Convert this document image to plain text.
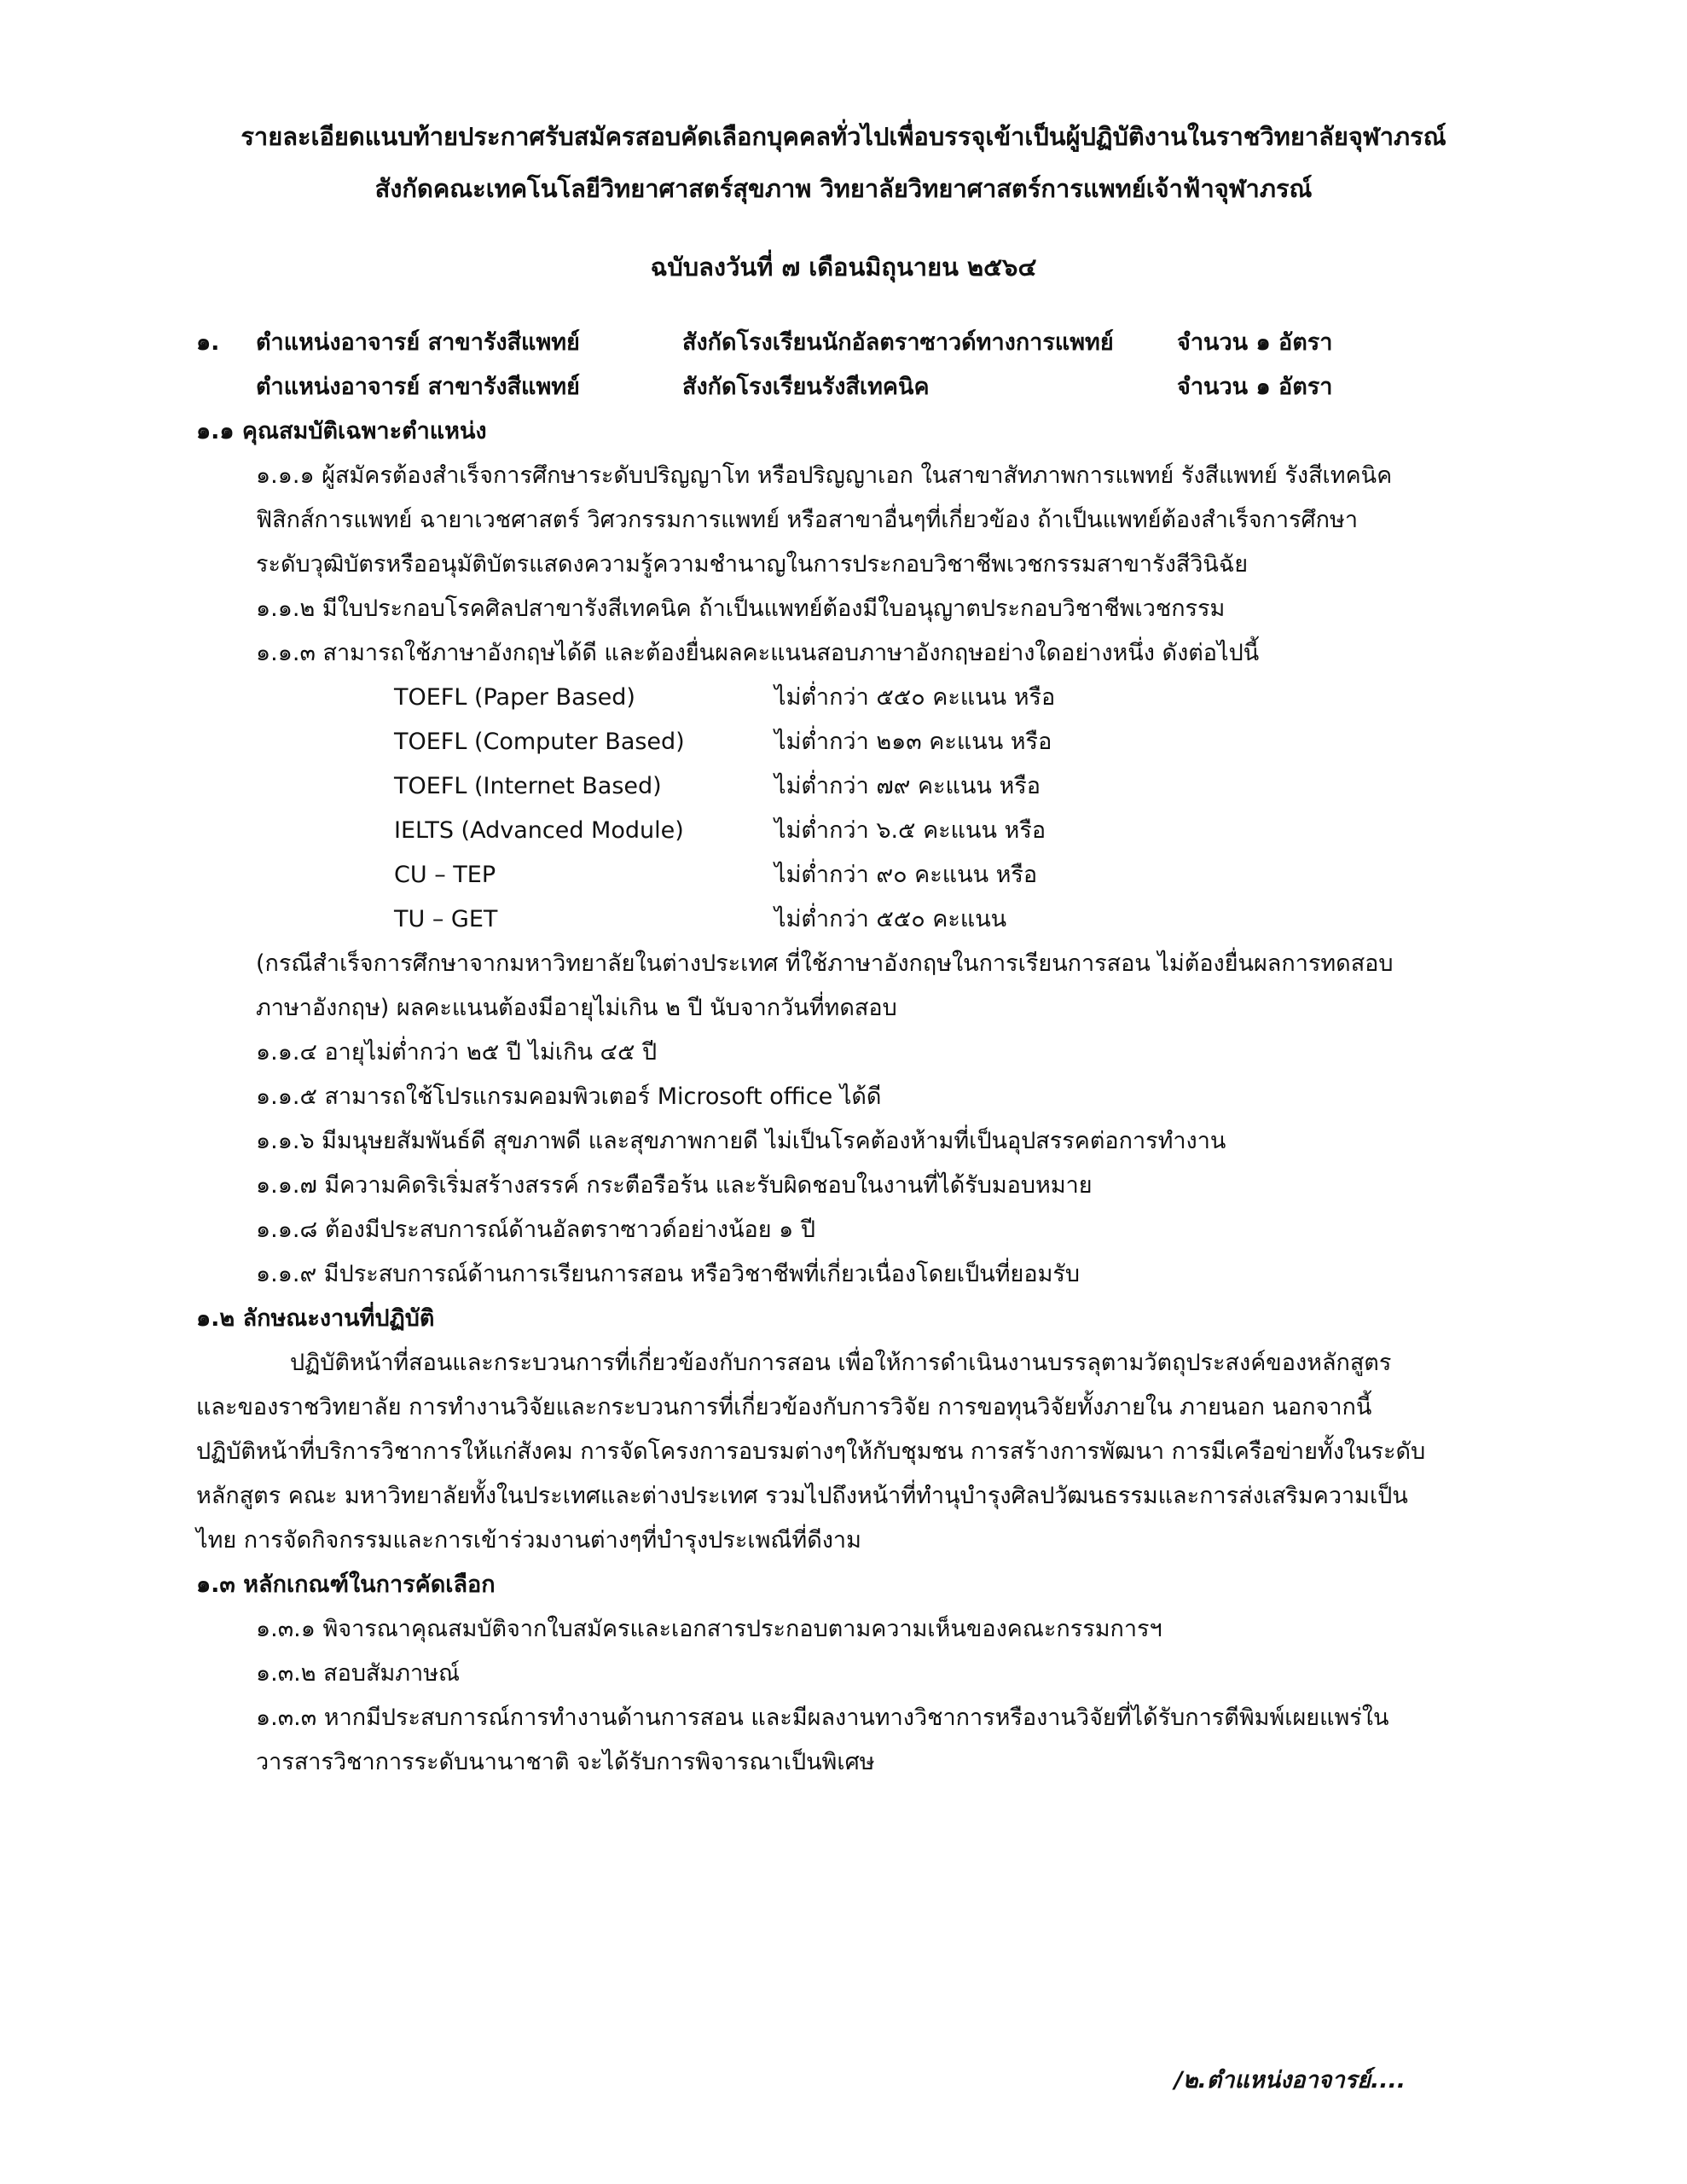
รายละเอียดแนบท้ายประกาศรับสมัครสอบคัดเลือกบุคคลทั่วไปเพื่อบรรจุเข้าเป็นผู้ปฏิบัติงานในราชวิทยาลัยจุฬาภรณ์
สังกัดคณะเทคโนโลยีวิทยาศาสตร์สุขภาพ วิทยาลัยวิทยาศาสตร์การแพทย์เจ้าฟ้าจุฬาภรณ์
ฉบับลงวันที่ ๗ เดือนมิถุนายน ๒๕๖๔
๑. ตำแหน่งอาจารย์ สาขารังสีแพทย์	สังกัดโรงเรียนนักอัลตราซาวด์ทางการแพทย์	จำนวน ๑ อัตรา
ตำแหน่งอาจารย์ สาขารังสีแพทย์	สังกัดโรงเรียนรังสีเทคนิค	จำนวน ๑ อัตรา
๑.๑ คุณสมบัติเฉพาะตำแหน่ง
๑.๑.๑ ผู้สมัครต้องสำเร็จการศึกษาระดับปริญญาโท หรือปริญญาเอก ในสาขาสัทภาพการแพทย์ รังสีแพทย์ รังสีเทคนิค
ฟิสิกส์การแพทย์ ฉายาเวชศาสตร์ วิศวกรรมการแพทย์ หรือสาขาอื่นๆที่เกี่ยวข้อง ถ้าเป็นแพทย์ต้องสำเร็จการศึกษา
ระดับวุฒิบัตรหรืออนุมัติบัตรแสดงความรู้ความชำนาญในการประกอบวิชาชีพเวชกรรมสาขารังสีวินิฉัย
๑.๑.๒ มีใบประกอบโรคศิลปสาขารังสีเทคนิค ถ้าเป็นแพทย์ต้องมีใบอนุญาตประกอบวิชาชีพเวชกรรม
๑.๑.๓ สามารถใช้ภาษาอังกฤษได้ดี และต้องยื่นผลคะแนนสอบภาษาอังกฤษอย่างใดอย่างหนึ่ง ดังต่อไปนี้
TOEFL (Paper Based)	ไม่ต่ำกว่า ๕๕๐ คะแนน หรือ
TOEFL (Computer Based)	ไม่ต่ำกว่า ๒๑๓ คะแนน หรือ
TOEFL (Internet Based)	ไม่ต่ำกว่า ๗๙ คะแนน หรือ
IELTS (Advanced Module)	ไม่ต่ำกว่า ๖.๕ คะแนน หรือ
CU – TEP	ไม่ต่ำกว่า ๙๐ คะแนน หรือ
TU – GET	ไม่ต่ำกว่า ๕๕๐ คะแนน
(กรณีสำเร็จการศึกษาจากมหาวิทยาลัยในต่างประเทศ ที่ใช้ภาษาอังกฤษในการเรียนการสอน ไม่ต้องยื่นผลการทดสอบ
ภาษาอังกฤษ) ผลคะแนนต้องมีอายุไม่เกิน ๒ ปี นับจากวันที่ทดสอบ
๑.๑.๔ อายุไม่ต่ำกว่า ๒๕ ปี ไม่เกิน ๔๕ ปี
๑.๑.๕ สามารถใช้โปรแกรมคอมพิวเตอร์ Microsoft office ได้ดี
๑.๑.๖ มีมนุษยสัมพันธ์ดี สุขภาพดี และสุขภาพกายดี ไม่เป็นโรคต้องห้ามที่เป็นอุปสรรคต่อการทำงาน
๑.๑.๗ มีความคิดริเริ่มสร้างสรรค์ กระตือรือร้น และรับผิดชอบในงานที่ได้รับมอบหมาย
๑.๑.๘ ต้องมีประสบการณ์ด้านอัลตราซาวด์อย่างน้อย ๑ ปี
๑.๑.๙ มีประสบการณ์ด้านการเรียนการสอน หรือวิชาชีพที่เกี่ยวเนื่องโดยเป็นที่ยอมรับ
๑.๒ ลักษณะงานที่ปฏิบัติ
ปฏิบัติหน้าที่สอนและกระบวนการที่เกี่ยวข้องกับการสอน เพื่อให้การดำเนินงานบรรลุตามวัตถุประสงค์ของหลักสูตร
และของราชวิทยาลัย การทำงานวิจัยและกระบวนการที่เกี่ยวข้องกับการวิจัย การขอทุนวิจัยทั้งภายใน ภายนอก นอกจากนี้
ปฏิบัติหน้าที่บริการวิชาการให้แก่สังคม การจัดโครงการอบรมต่างๆให้กับชุมชน การสร้างการพัฒนา การมีเครือข่ายทั้งในระดับ
หลักสูตร คณะ มหาวิทยาลัยทั้งในประเทศและต่างประเทศ รวมไปถึงหน้าที่ทำนุบำรุงศิลปวัฒนธรรมและการส่งเสริมความเป็น
ไทย การจัดกิจกรรมและการเข้าร่วมงานต่างๆที่บำรุงประเพณีที่ดีงาม
๑.๓ หลักเกณฑ์ในการคัดเลือก
๑.๓.๑ พิจารณาคุณสมบัติจากใบสมัครและเอกสารประกอบตามความเห็นของคณะกรรมการฯ
๑.๓.๒ สอบสัมภาษณ์
๑.๓.๓ หากมีประสบการณ์การทำงานด้านการสอน และมีผลงานทางวิชาการหรืองานวิจัยที่ได้รับการตีพิมพ์เผยแพร่ใน
วารสารวิชาการระดับนานาชาติ จะได้รับการพิจารณาเป็นพิเศษ
/๒.ตำแหน่งอาจารย์....
